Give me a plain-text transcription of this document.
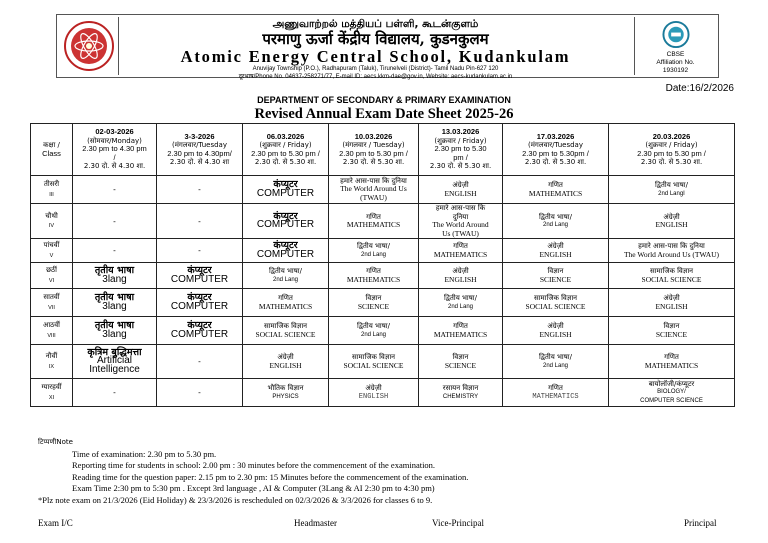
அணுவாற்றல் மத்தியப் பள்ளி, கூடன்குளம்
परमाणु ऊर्जा केंद्रीय विद्यालय, कुडनकुलम
Atomic Energy Central School, Kudankulam
Anuvijay Township (P.O.), Radhapuram (Taluk), Tirunelveli (District)- Tamil Nadu Pin-627 120
दूरभाष/Phone No. 04637-258271/77, E-mail ID: aecs.kkm-dae@gov.in, Website: aecs-kudankulam.ac.in
CBSE
Affiliation No.
1930192
Date:16/2/2026
DEPARTMENT OF SECONDARY & PRIMARY EXAMINATION
Revised Annual Exam Date Sheet 2025-26
कक्षा /
Class	02-03-2026
(सोमवार/Monday)
2.30 pm to 4.30 pm
/
2.30 दो. से 4.30 शा.	3-3-2026
(मंगलवार/Tuesday
2.30 pm to 4.30pm/
2.30 दो. से 4.30 शा	06.03.2026
(शुक्रवार / Friday)
2.30 pm to 5.30 pm /
2.30 दो. से 5.30 शा.	10.03.2026
(मंगलवार / Tuesday)
2.30 pm to 5.30 pm /
2.30 दो. से 5.30 शा.	13.03.2026
(शुक्रवार / Friday)
2.30 pm to 5.30
pm /
2.30 दो. से 5.30 शा.	17.03.2026
(मंगलवार/Tuesday
2.30 pm to 5.30pm /
2.30 दो. से 5.30 शा.	20.03.2026
(शुक्रवार / Friday)
2.30 pm to 5.30 pm /
2.30 दो. से 5.30 शा.

तीसरी
III	-	-	कंप्यूटर
COMPUTER	हमारे आस-पास कि दुनिया
The World Around Us
(TWAU)	अंग्रेज़ी
ENGLISH	गणित
MATHEMATICS	द्वितीय भाषा/
2nd LangI

चौथी
IV	-	-	कंप्यूटर
COMPUTER	गणित
MATHEMATICS	हमारे आस-पास कि
दुनिया
The World Around
Us (TWAU)	द्वितीय भाषा/
2nd Lang	अंग्रेज़ी
ENGLISH

पांचवीं
V	-	-	कंप्यूटर
COMPUTER	द्वितीय भाषा/
2nd Lang	गणित
MATHEMATICS	अंग्रेज़ी
ENGLISH	हमारे आस-पास कि दुनिया
The World Around Us (TWAU)

छठीं
VI	तृतीय भाषा
3lang	कंप्यूटर
COMPUTER	द्वितीय भाषा/
2nd Lang	गणित
MATHEMATICS	अंग्रेज़ी
ENGLISH	विज्ञान
SCIENCE	सामाजिक विज्ञान
SOCIAL SCIENCE

सातवीं
VII	तृतीय भाषा
3lang	कंप्यूटर
COMPUTER	गणित
MATHEMATICS	विज्ञान
SCIENCE	द्वितीय भाषा/
2nd Lang	सामाजिक विज्ञान
SOCIAL SCIENCE	अंग्रेज़ी
ENGLISH

आठवीं
VIII	तृतीय भाषा
3lang	कंप्यूटर
COMPUTER	सामाजिक विज्ञान
SOCIAL SCIENCE	द्वितीय भाषा/
2nd Lang	गणित
MATHEMATICS	अंग्रेज़ी
ENGLISH	विज्ञान
SCIENCE

नौवीं
IX	कृत्रिम बुद्धिमत्ता
Artificial
Intelligence	-	अंग्रेज़ी
ENGLISH	सामाजिक विज्ञान
SOCIAL SCIENCE	विज्ञान
SCIENCE	द्वितीय भाषा/
2nd Lang	गणित
MATHEMATICS

ग्यारहवीं
XI	-	-	भौतिक विज्ञान
PHYSICS	अंग्रेज़ी
ENGLISH	रसायन विज्ञान
CHEMISTRY	गणित
MATHEMATICS	बायोलॉजी/कंप्यूटर
BIOLOGY/
COMPUTER SCIENCE
टिप्पणीNote
Time of examination: 2.30 pm to 5.30 pm.
Reporting time for students in school: 2.00 pm : 30 minutes before the commencement of the examination.
Reading time for the question paper: 2.15 pm to 2.30 pm: 15 Minutes before the commencement of the examination.
Exam Time 2:30 pm to 5:30 pm . Except 3rd language , AI & Computer (3Lang & AI 2:30 pm to 4:30 pm)
*Plz note exam on 21/3/2026 (Eid Holiday) & 23/3/2026 is rescheduled on 02/3/2026 & 3/3/2026 for classes 6 to 9.
Exam I/C	Headmaster	Vice-Principal	Principal
